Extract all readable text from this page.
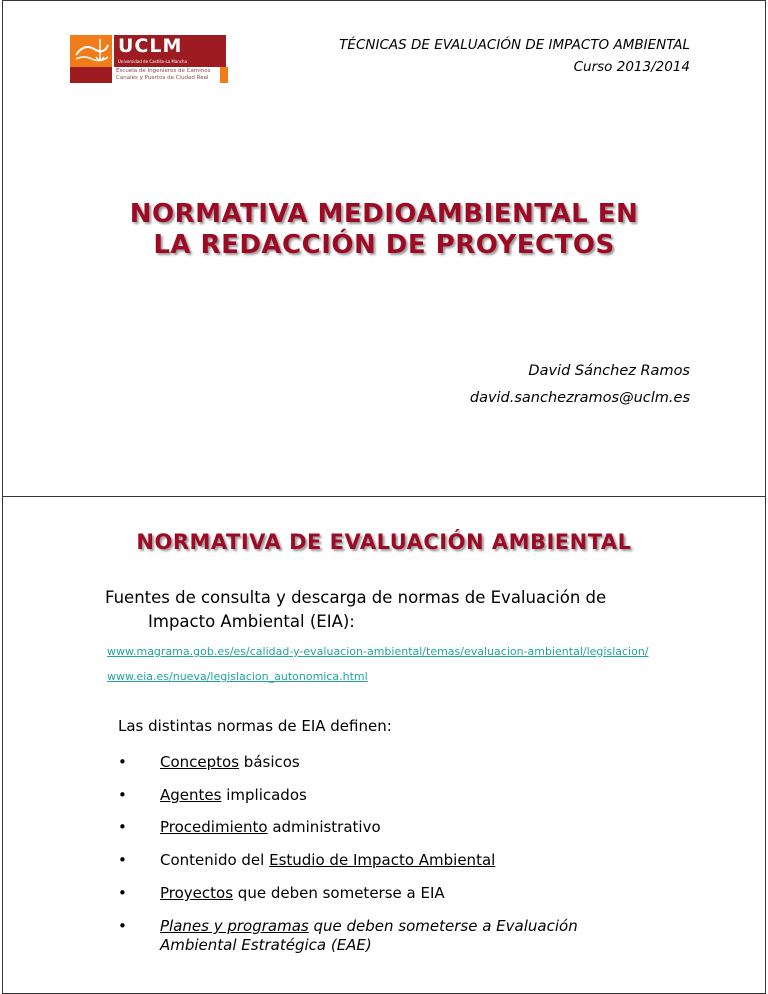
UCLM
Universidad de Castilla-La Mancha
Escuela de Ingenieros de Caminos
Canales y Puertos de Ciudad Real
TÉCNICAS DE EVALUACIÓN DE IMPACTO AMBIENTAL
Curso 2013/2014
NORMATIVA MEDIOAMBIENTAL EN
LA REDACCIÓN DE PROYECTOS
David Sánchez Ramos
david.sanchezramos@uclm.es
NORMATIVA DE EVALUACIÓN AMBIENTAL
Fuentes de consulta y descarga de normas de Evaluación de
Impacto Ambiental (EIA):
www.magrama.gob.es/es/calidad-y-evaluacion-ambiental/temas/evaluacion-ambiental/legislacion/
www.eia.es/nueva/legislacion_autonomica.html
Las distintas normas de EIA definen:
• Conceptos básicos
• Agentes implicados
• Procedimiento administrativo
• Contenido del Estudio de Impacto Ambiental
• Proyectos que deben someterse a EIA
• Planes y programas que deben someterse a Evaluación
Ambiental Estratégica (EAE)
